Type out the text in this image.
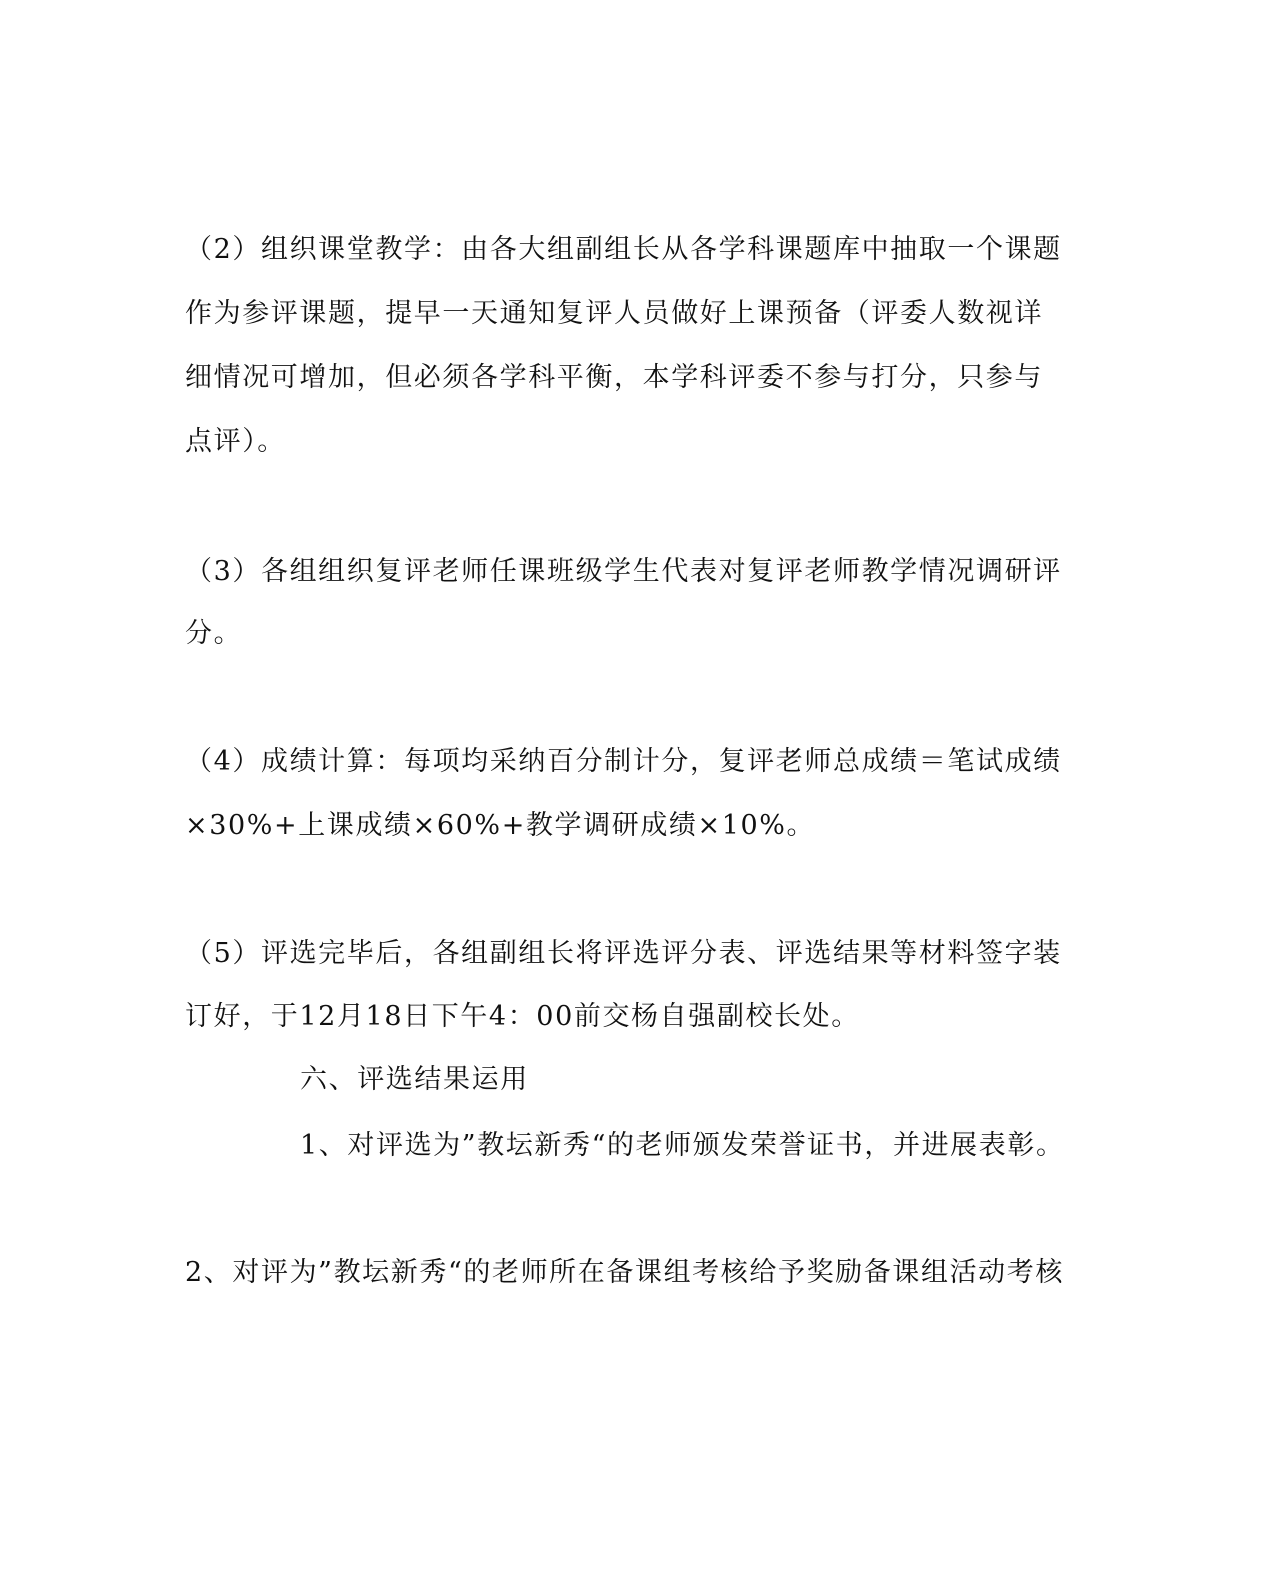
（2）组织课堂教学：由各大组副组长从各学科课题库中抽取一个课题
作为参评课题，提早一天通知复评人员做好上课预备（评委人数视详
细情况可增加，但必须各学科平衡，本学科评委不参与打分，只参与
点评）。
（3）各组组织复评老师任课班级学生代表对复评老师教学情况调研评
分。
（4）成绩计算：每项均采纳百分制计分，复评老师总成绩＝笔试成绩
×30%+上课成绩×60%+教学调研成绩×10%。
（5）评选完毕后，各组副组长将评选评分表、评选结果等材料签字装
订好，于12月18日下午4：00前交杨自强副校长处。
六、评选结果运用
1、对评选为”教坛新秀“的老师颁发荣誉证书，并进展表彰。
2、对评为”教坛新秀“的老师所在备课组考核给予奖励备课组活动考核
